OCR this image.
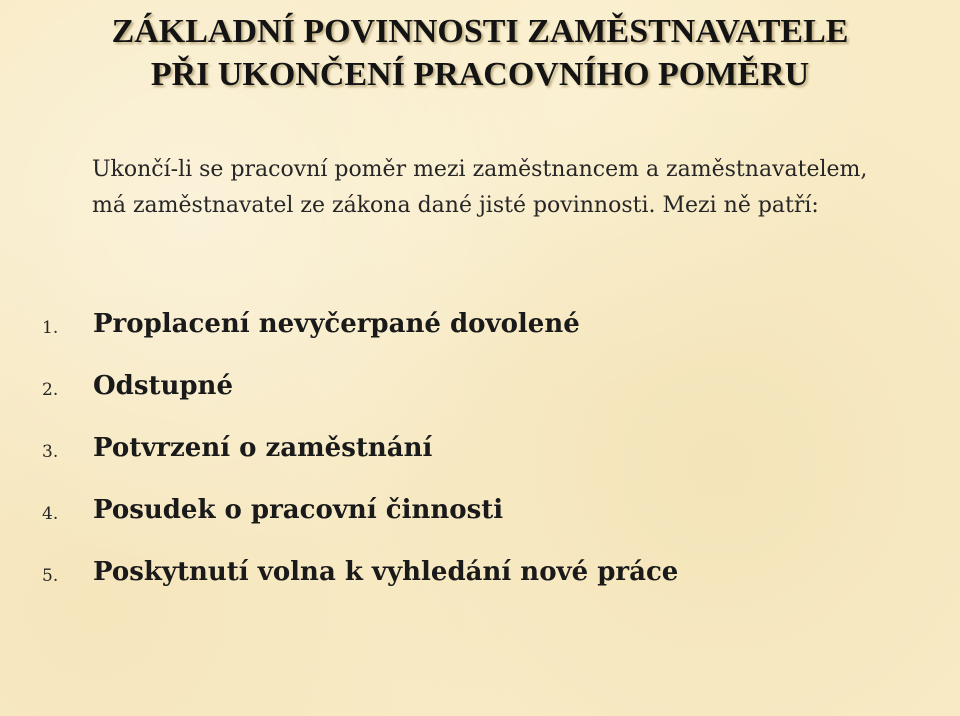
ZÁKLADNÍ POVINNOSTI ZAMĚSTNAVATELE
PŘI UKONČENÍ PRACOVNÍHO POMĚRU

Ukončí-li se pracovní poměr mezi zaměstnancem a zaměstnavatelem, má zaměstnavatel ze zákona dané jisté povinnosti. Mezi ně patří:

1. Proplacení nevyčerpané dovolené
2. Odstupné
3. Potvrzení o zaměstnání
4. Posudek o pracovní činnosti
5. Poskytnutí volna k vyhledání nové práce
